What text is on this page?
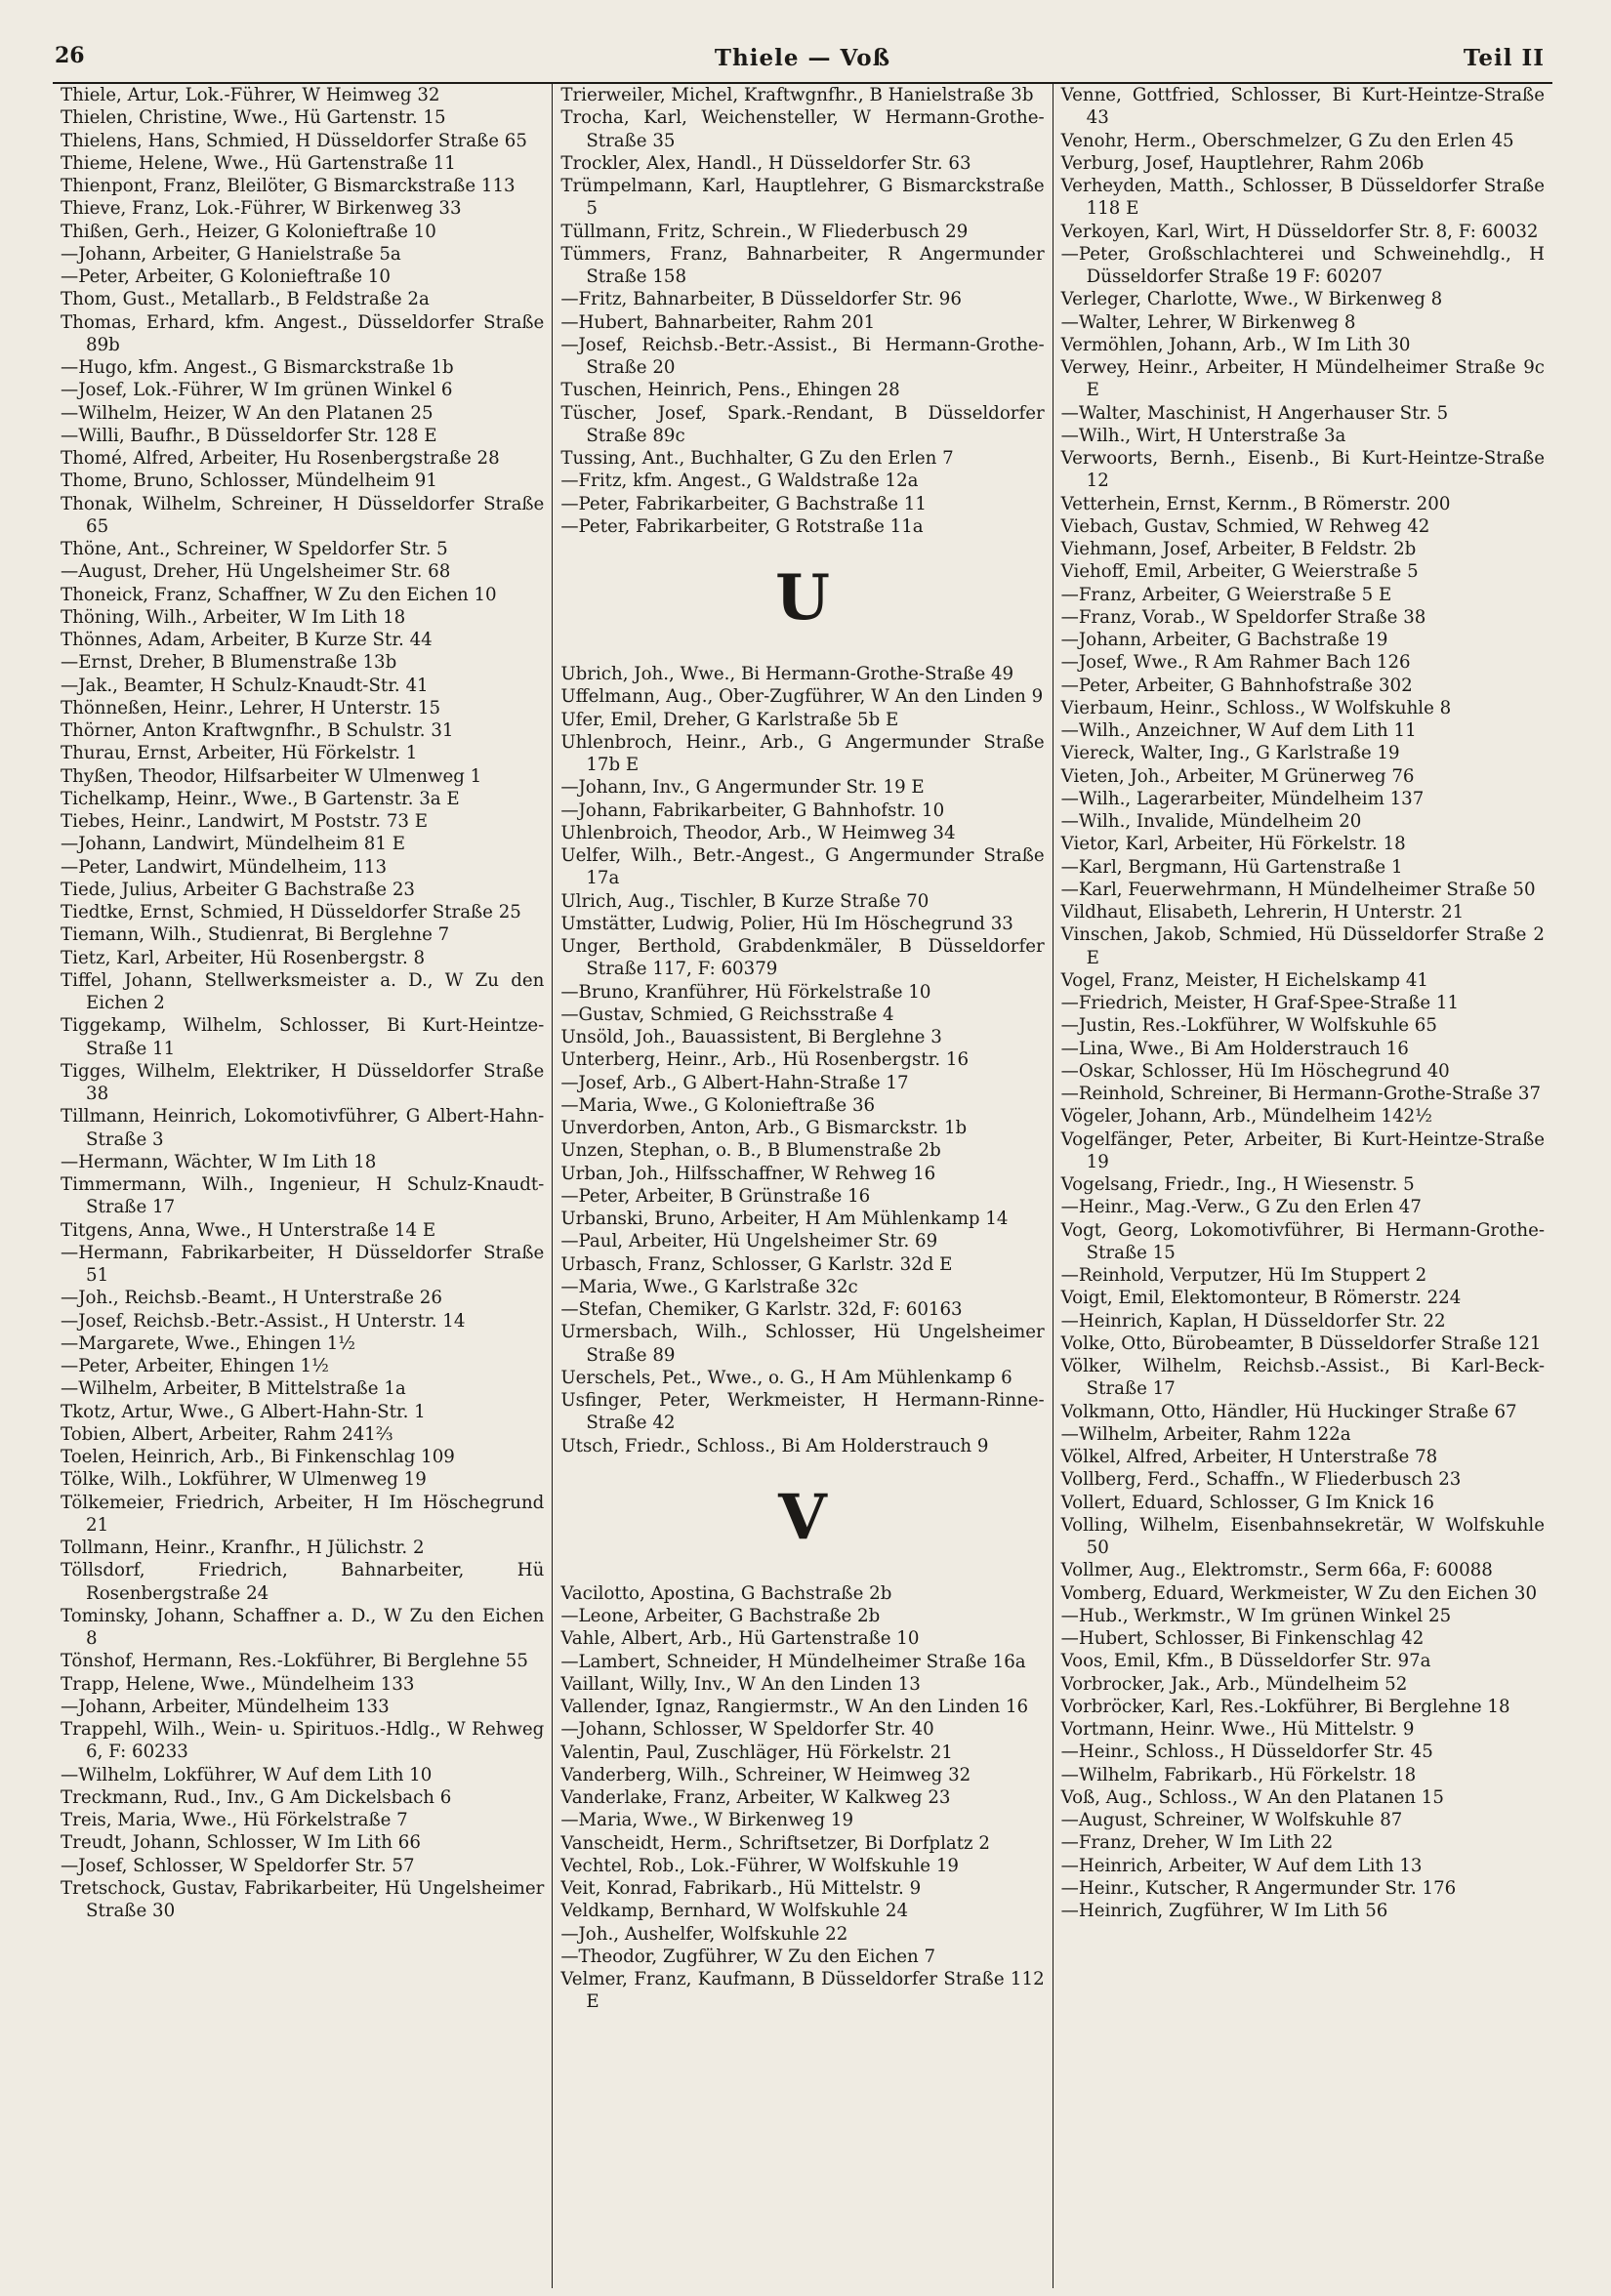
26	Thiele — Voß	Teil II

Thiele, Artur, Lok.-Führer, W Heimweg 32

Thielen, Christine, Wwe., Hü Gartenstr. 15

Thielens, Hans, Schmied, H Düsseldorfer Straße 65

Thieme, Helene, Wwe., Hü Gartenstraße 11

Thienpont, Franz, Bleilöter, G Bismarckstraße 113

Thieve, Franz, Lok.-Führer, W Birkenweg 33

Thißen, Gerh., Heizer, G Kolonieftraße 10

—Johann, Arbeiter, G Hanielstraße 5a

—Peter, Arbeiter, G Kolonieftraße 10

Thom, Gust., Metallarb., B Feldstraße 2a

Thomas, Erhard, kfm. Angest., Düsseldorfer Straße 89b

—Hugo, kfm. Angest., G Bismarckstraße 1b

—Josef, Lok.-Führer, W Im grünen Winkel 6

—Wilhelm, Heizer, W An den Platanen 25

—Willi, Baufhr., B Düsseldorfer Str. 128 E

Thomé, Alfred, Arbeiter, Hu Rosenbergstraße 28

Thome, Bruno, Schlosser, Mündelheim 91

Thonak, Wilhelm, Schreiner, H Düsseldorfer Straße 65

Thöne, Ant., Schreiner, W Speldorfer Str. 5

—August, Dreher, Hü Ungelsheimer Str. 68

Thoneick, Franz, Schaffner, W Zu den Eichen 10

Thöning, Wilh., Arbeiter, W Im Lith 18

Thönnes, Adam, Arbeiter, B Kurze Str. 44

—Ernst, Dreher, B Blumenstraße 13b

—Jak., Beamter, H Schulz-Knaudt-Str. 41

Thönneßen, Heinr., Lehrer, H Unterstr. 15

Thörner, Anton Kraftwgnfhr., B Schulstr. 31

Thurau, Ernst, Arbeiter, Hü Förkelstr. 1

Thyßen, Theodor, Hilfsarbeiter W Ulmenweg 1

Tichelkamp, Heinr., Wwe., B Gartenstr. 3a E

Tiebes, Heinr., Landwirt, M Poststr. 73 E

—Johann, Landwirt, Mündelheim 81 E

—Peter, Landwirt, Mündelheim, 113

Tiede, Julius, Arbeiter G Bachstraße 23

Tiedtke, Ernst, Schmied, H Düsseldorfer Straße 25

Tiemann, Wilh., Studienrat, Bi Berglehne 7

Tietz, Karl, Arbeiter, Hü Rosenbergstr. 8

Tiffel, Johann, Stellwerksmeister a. D., W Zu den Eichen 2

Tiggekamp, Wilhelm, Schlosser, Bi Kurt-Heintze-Straße 11

Tigges, Wilhelm, Elektriker, H Düsseldorfer Straße 38

Tillmann, Heinrich, Lokomotivführer, G Albert-Hahn-Straße 3

—Hermann, Wächter, W Im Lith 18

Timmermann, Wilh., Ingenieur, H Schulz-Knaudt-Straße 17

Titgens, Anna, Wwe., H Unterstraße 14 E

—Hermann, Fabrikarbeiter, H Düsseldorfer Straße 51

—Joh., Reichsb.-Beamt., H Unterstraße 26

—Josef, Reichsb.-Betr.-Assist., H Unterstr. 14

—Margarete, Wwe., Ehingen 1½

—Peter, Arbeiter, Ehingen 1½

—Wilhelm, Arbeiter, B Mittelstraße 1a

Tkotz, Artur, Wwe., G Albert-Hahn-Str. 1

Tobien, Albert, Arbeiter, Rahm 241⅔

Toelen, Heinrich, Arb., Bi Finkenschlag 109

Tölke, Wilh., Lokführer, W Ulmenweg 19

Tölkemeier, Friedrich, Arbeiter, H Im Höschegrund 21

Tollmann, Heinr., Kranfhr., H Jülichstr. 2

Töllsdorf, Friedrich, Bahnarbeiter, Hü Rosenbergstraße 24

Tominsky, Johann, Schaffner a. D., W Zu den Eichen 8

Tönshof, Hermann, Res.-Lokführer, Bi Berglehne 55

Trapp, Helene, Wwe., Mündelheim 133

—Johann, Arbeiter, Mündelheim 133

Trappehl, Wilh., Wein- u. Spirituos.-Hdlg., W Rehweg 6, F: 60233

—Wilhelm, Lokführer, W Auf dem Lith 10

Treckmann, Rud., Inv., G Am Dickelsbach 6

Treis, Maria, Wwe., Hü Förkelstraße 7

Treudt, Johann, Schlosser, W Im Lith 66

—Josef, Schlosser, W Speldorfer Str. 57

Tretschock, Gustav, Fabrikarbeiter, Hü Ungelsheimer Straße 30

Trierweiler, Michel, Kraftwgnfhr., B Hanielstraße 3b

Trocha, Karl, Weichensteller, W Hermann-Grothe-Straße 35

Trockler, Alex, Handl., H Düsseldorfer Str. 63

Trümpelmann, Karl, Hauptlehrer, G Bismarckstraße 5

Tüllmann, Fritz, Schrein., W Fliederbusch 29

Tümmers, Franz, Bahnarbeiter, R Angermunder Straße 158

—Fritz, Bahnarbeiter, B Düsseldorfer Str. 96

—Hubert, Bahnarbeiter, Rahm 201

—Josef, Reichsb.-Betr.-Assist., Bi Hermann-Grothe-Straße 20

Tuschen, Heinrich, Pens., Ehingen 28

Tüscher, Josef, Spark.-Rendant, B Düsseldorfer Straße 89c

Tussing, Ant., Buchhalter, G Zu den Erlen 7

—Fritz, kfm. Angest., G Waldstraße 12a

—Peter, Fabrikarbeiter, G Bachstraße 11

—Peter, Fabrikarbeiter, G Rotstraße 11a

U

Ubrich, Joh., Wwe., Bi Hermann-Grothe-Straße 49

Uffelmann, Aug., Ober-Zugführer, W An den Linden 9

Ufer, Emil, Dreher, G Karlstraße 5b E

Uhlenbroch, Heinr., Arb., G Angermunder Straße 17b E

—Johann, Inv., G Angermunder Str. 19 E

—Johann, Fabrikarbeiter, G Bahnhofstr. 10

Uhlenbroich, Theodor, Arb., W Heimweg 34

Uelfer, Wilh., Betr.-Angest., G Angermunder Straße 17a

Ulrich, Aug., Tischler, B Kurze Straße 70

Umstätter, Ludwig, Polier, Hü Im Höschegrund 33

Unger, Berthold, Grabdenkmäler, B Düsseldorfer Straße 117, F: 60379

—Bruno, Kranführer, Hü Förkelstraße 10

—Gustav, Schmied, G Reichsstraße 4

Unsöld, Joh., Bauassistent, Bi Berglehne 3

Unterberg, Heinr., Arb., Hü Rosenbergstr. 16

—Josef, Arb., G Albert-Hahn-Straße 17

—Maria, Wwe., G Kolonieftraße 36

Unverdorben, Anton, Arb., G Bismarckstr. 1b

Unzen, Stephan, o. B., B Blumenstraße 2b

Urban, Joh., Hilfsschaffner, W Rehweg 16

—Peter, Arbeiter, B Grünstraße 16

Urbanski, Bruno, Arbeiter, H Am Mühlenkamp 14

—Paul, Arbeiter, Hü Ungelsheimer Str. 69

Urbasch, Franz, Schlosser, G Karlstr. 32d E

—Maria, Wwe., G Karlstraße 32c

—Stefan, Chemiker, G Karlstr. 32d, F: 60163

Urmersbach, Wilh., Schlosser, Hü Ungelsheimer Straße 89

Uerschels, Pet., Wwe., o. G., H Am Mühlenkamp 6

Usfinger, Peter, Werkmeister, H Hermann-Rinne-Straße 42

Utsch, Friedr., Schloss., Bi Am Holderstrauch 9

V

Vacilotto, Apostina, G Bachstraße 2b

—Leone, Arbeiter, G Bachstraße 2b

Vahle, Albert, Arb., Hü Gartenstraße 10

—Lambert, Schneider, H Mündelheimer Straße 16a

Vaillant, Willy, Inv., W An den Linden 13

Vallender, Ignaz, Rangiermstr., W An den Linden 16

—Johann, Schlosser, W Speldorfer Str. 40

Valentin, Paul, Zuschläger, Hü Förkelstr. 21

Vanderberg, Wilh., Schreiner, W Heimweg 32

Vanderlake, Franz, Arbeiter, W Kalkweg 23

—Maria, Wwe., W Birkenweg 19

Vanscheidt, Herm., Schriftsetzer, Bi Dorfplatz 2

Vechtel, Rob., Lok.-Führer, W Wolfskuhle 19

Veit, Konrad, Fabrikarb., Hü Mittelstr. 9

Veldkamp, Bernhard, W Wolfskuhle 24

—Joh., Aushelfer, Wolfskuhle 22

—Theodor, Zugführer, W Zu den Eichen 7

Velmer, Franz, Kaufmann, B Düsseldorfer Straße 112 E

Venne, Gottfried, Schlosser, Bi Kurt-Heintze-Straße 43

Venohr, Herm., Oberschmelzer, G Zu den Erlen 45

Verburg, Josef, Hauptlehrer, Rahm 206b

Verheyden, Matth., Schlosser, B Düsseldorfer Straße 118 E

Verkoyen, Karl, Wirt, H Düsseldorfer Str. 8, F: 60032

—Peter, Großschlachterei und Schweinehdlg., H Düsseldorfer Straße 19 F: 60207

Verleger, Charlotte, Wwe., W Birkenweg 8

—Walter, Lehrer, W Birkenweg 8

Vermöhlen, Johann, Arb., W Im Lith 30

Verwey, Heinr., Arbeiter, H Mündelheimer Straße 9c E

—Walter, Maschinist, H Angerhauser Str. 5

—Wilh., Wirt, H Unterstraße 3a

Verwoorts, Bernh., Eisenb., Bi Kurt-Heintze-Straße 12

Vetterhein, Ernst, Kernm., B Römerstr. 200

Viebach, Gustav, Schmied, W Rehweg 42

Viehmann, Josef, Arbeiter, B Feldstr. 2b

Viehoff, Emil, Arbeiter, G Weierstraße 5

—Franz, Arbeiter, G Weierstraße 5 E

—Franz, Vorab., W Speldorfer Straße 38

—Johann, Arbeiter, G Bachstraße 19

—Josef, Wwe., R Am Rahmer Bach 126

—Peter, Arbeiter, G Bahnhofstraße 302

Vierbaum, Heinr., Schloss., W Wolfskuhle 8

—Wilh., Anzeichner, W Auf dem Lith 11

Viereck, Walter, Ing., G Karlstraße 19

Vieten, Joh., Arbeiter, M Grünerweg 76

—Wilh., Lagerarbeiter, Mündelheim 137

—Wilh., Invalide, Mündelheim 20

Vietor, Karl, Arbeiter, Hü Förkelstr. 18

—Karl, Bergmann, Hü Gartenstraße 1

—Karl, Feuerwehrmann, H Mündelheimer Straße 50

Vildhaut, Elisabeth, Lehrerin, H Unterstr. 21

Vinschen, Jakob, Schmied, Hü Düsseldorfer Straße 2 E

Vogel, Franz, Meister, H Eichelskamp 41

—Friedrich, Meister, H Graf-Spee-Straße 11

—Justin, Res.-Lokführer, W Wolfskuhle 65

—Lina, Wwe., Bi Am Holderstrauch 16

—Oskar, Schlosser, Hü Im Höschegrund 40

—Reinhold, Schreiner, Bi Hermann-Grothe-Straße 37

Vögeler, Johann, Arb., Mündelheim 142½

Vogelfänger, Peter, Arbeiter, Bi Kurt-Heintze-Straße 19

Vogelsang, Friedr., Ing., H Wiesenstr. 5

—Heinr., Mag.-Verw., G Zu den Erlen 47

Vogt, Georg, Lokomotivführer, Bi Hermann-Grothe-Straße 15

—Reinhold, Verputzer, Hü Im Stuppert 2

Voigt, Emil, Elektomonteur, B Römerstr. 224

—Heinrich, Kaplan, H Düsseldorfer Str. 22

Volke, Otto, Bürobeamter, B Düsseldorfer Straße 121

Völker, Wilhelm, Reichsb.-Assist., Bi Karl-Beck-Straße 17

Volkmann, Otto, Händler, Hü Huckinger Straße 67

—Wilhelm, Arbeiter, Rahm 122a

Völkel, Alfred, Arbeiter, H Unterstraße 78

Vollberg, Ferd., Schaffn., W Fliederbusch 23

Vollert, Eduard, Schlosser, G Im Knick 16

Volling, Wilhelm, Eisenbahnsekretär, W Wolfskuhle 50

Vollmer, Aug., Elektromstr., Serm 66a, F: 60088

Vomberg, Eduard, Werkmeister, W Zu den Eichen 30

—Hub., Werkmstr., W Im grünen Winkel 25

—Hubert, Schlosser, Bi Finkenschlag 42

Voos, Emil, Kfm., B Düsseldorfer Str. 97a

Vorbrocker, Jak., Arb., Mündelheim 52

Vorbröcker, Karl, Res.-Lokführer, Bi Berglehne 18

Vortmann, Heinr. Wwe., Hü Mittelstr. 9

—Heinr., Schloss., H Düsseldorfer Str. 45

—Wilhelm, Fabrikarb., Hü Förkelstr. 18

Voß, Aug., Schloss., W An den Platanen 15

—August, Schreiner, W Wolfskuhle 87

—Franz, Dreher, W Im Lith 22

—Heinrich, Arbeiter, W Auf dem Lith 13

—Heinr., Kutscher, R Angermunder Str. 176

—Heinrich, Zugführer, W Im Lith 56
